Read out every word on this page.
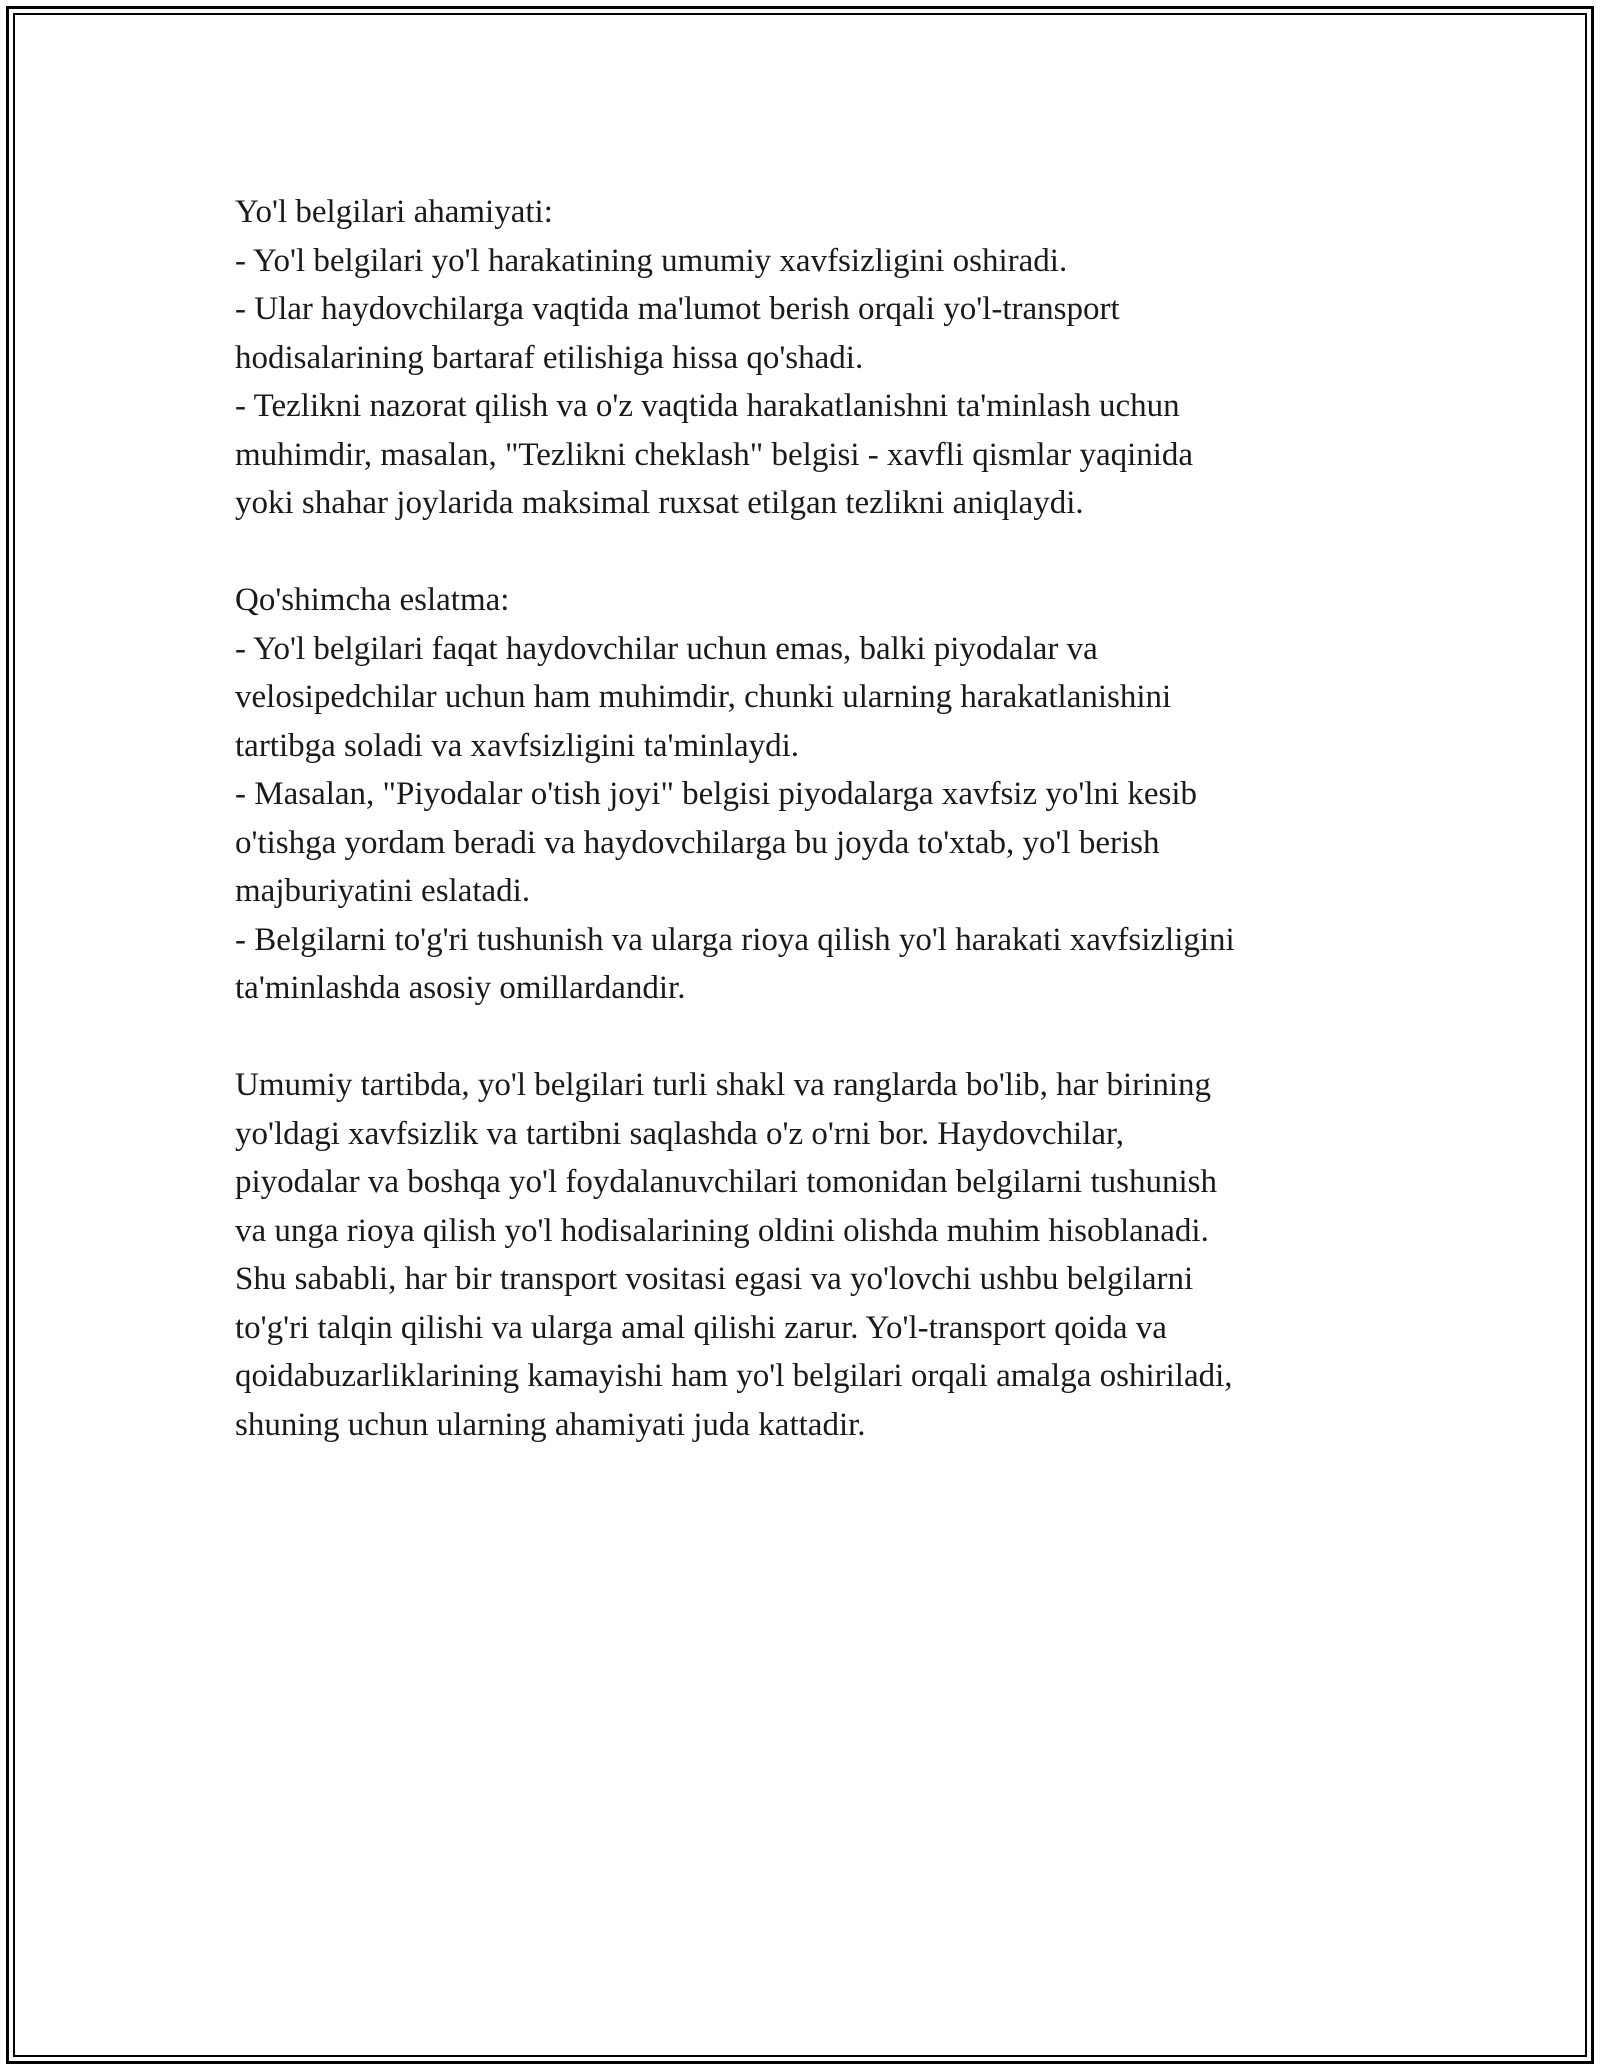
Yo'l belgilari ahamiyati:
- Yo'l belgilari yo'l harakatining umumiy xavfsizligini oshiradi.
- Ular haydovchilarga vaqtida ma'lumot berish orqali yo'l-transport
hodisalarining bartaraf etilishiga hissa qo'shadi.
- Tezlikni nazorat qilish va o'z vaqtida harakatlanishni ta'minlash uchun
muhimdir, masalan, "Tezlikni cheklash" belgisi - xavfli qismlar yaqinida
yoki shahar joylarida maksimal ruxsat etilgan tezlikni aniqlaydi.
Qo'shimcha eslatma:
- Yo'l belgilari faqat haydovchilar uchun emas, balki piyodalar va
velosipedchilar uchun ham muhimdir, chunki ularning harakatlanishini
tartibga soladi va xavfsizligini ta'minlaydi.
- Masalan, "Piyodalar o'tish joyi" belgisi piyodalarga xavfsiz yo'lni kesib
o'tishga yordam beradi va haydovchilarga bu joyda to'xtab, yo'l berish
majburiyatini eslatadi.
- Belgilarni to'g'ri tushunish va ularga rioya qilish yo'l harakati xavfsizligini
ta'minlashda asosiy omillardandir.
Umumiy tartibda, yo'l belgilari turli shakl va ranglarda bo'lib, har birining
yo'ldagi xavfsizlik va tartibni saqlashda o'z o'rni bor. Haydovchilar,
piyodalar va boshqa yo'l foydalanuvchilari tomonidan belgilarni tushunish
va unga rioya qilish yo'l hodisalarining oldini olishda muhim hisoblanadi.
Shu sababli, har bir transport vositasi egasi va yo'lovchi ushbu belgilarni
to'g'ri talqin qilishi va ularga amal qilishi zarur. Yo'l-transport qoida va
qoidabuzarliklarining kamayishi ham yo'l belgilari orqali amalga oshiriladi,
shuning uchun ularning ahamiyati juda kattadir.
